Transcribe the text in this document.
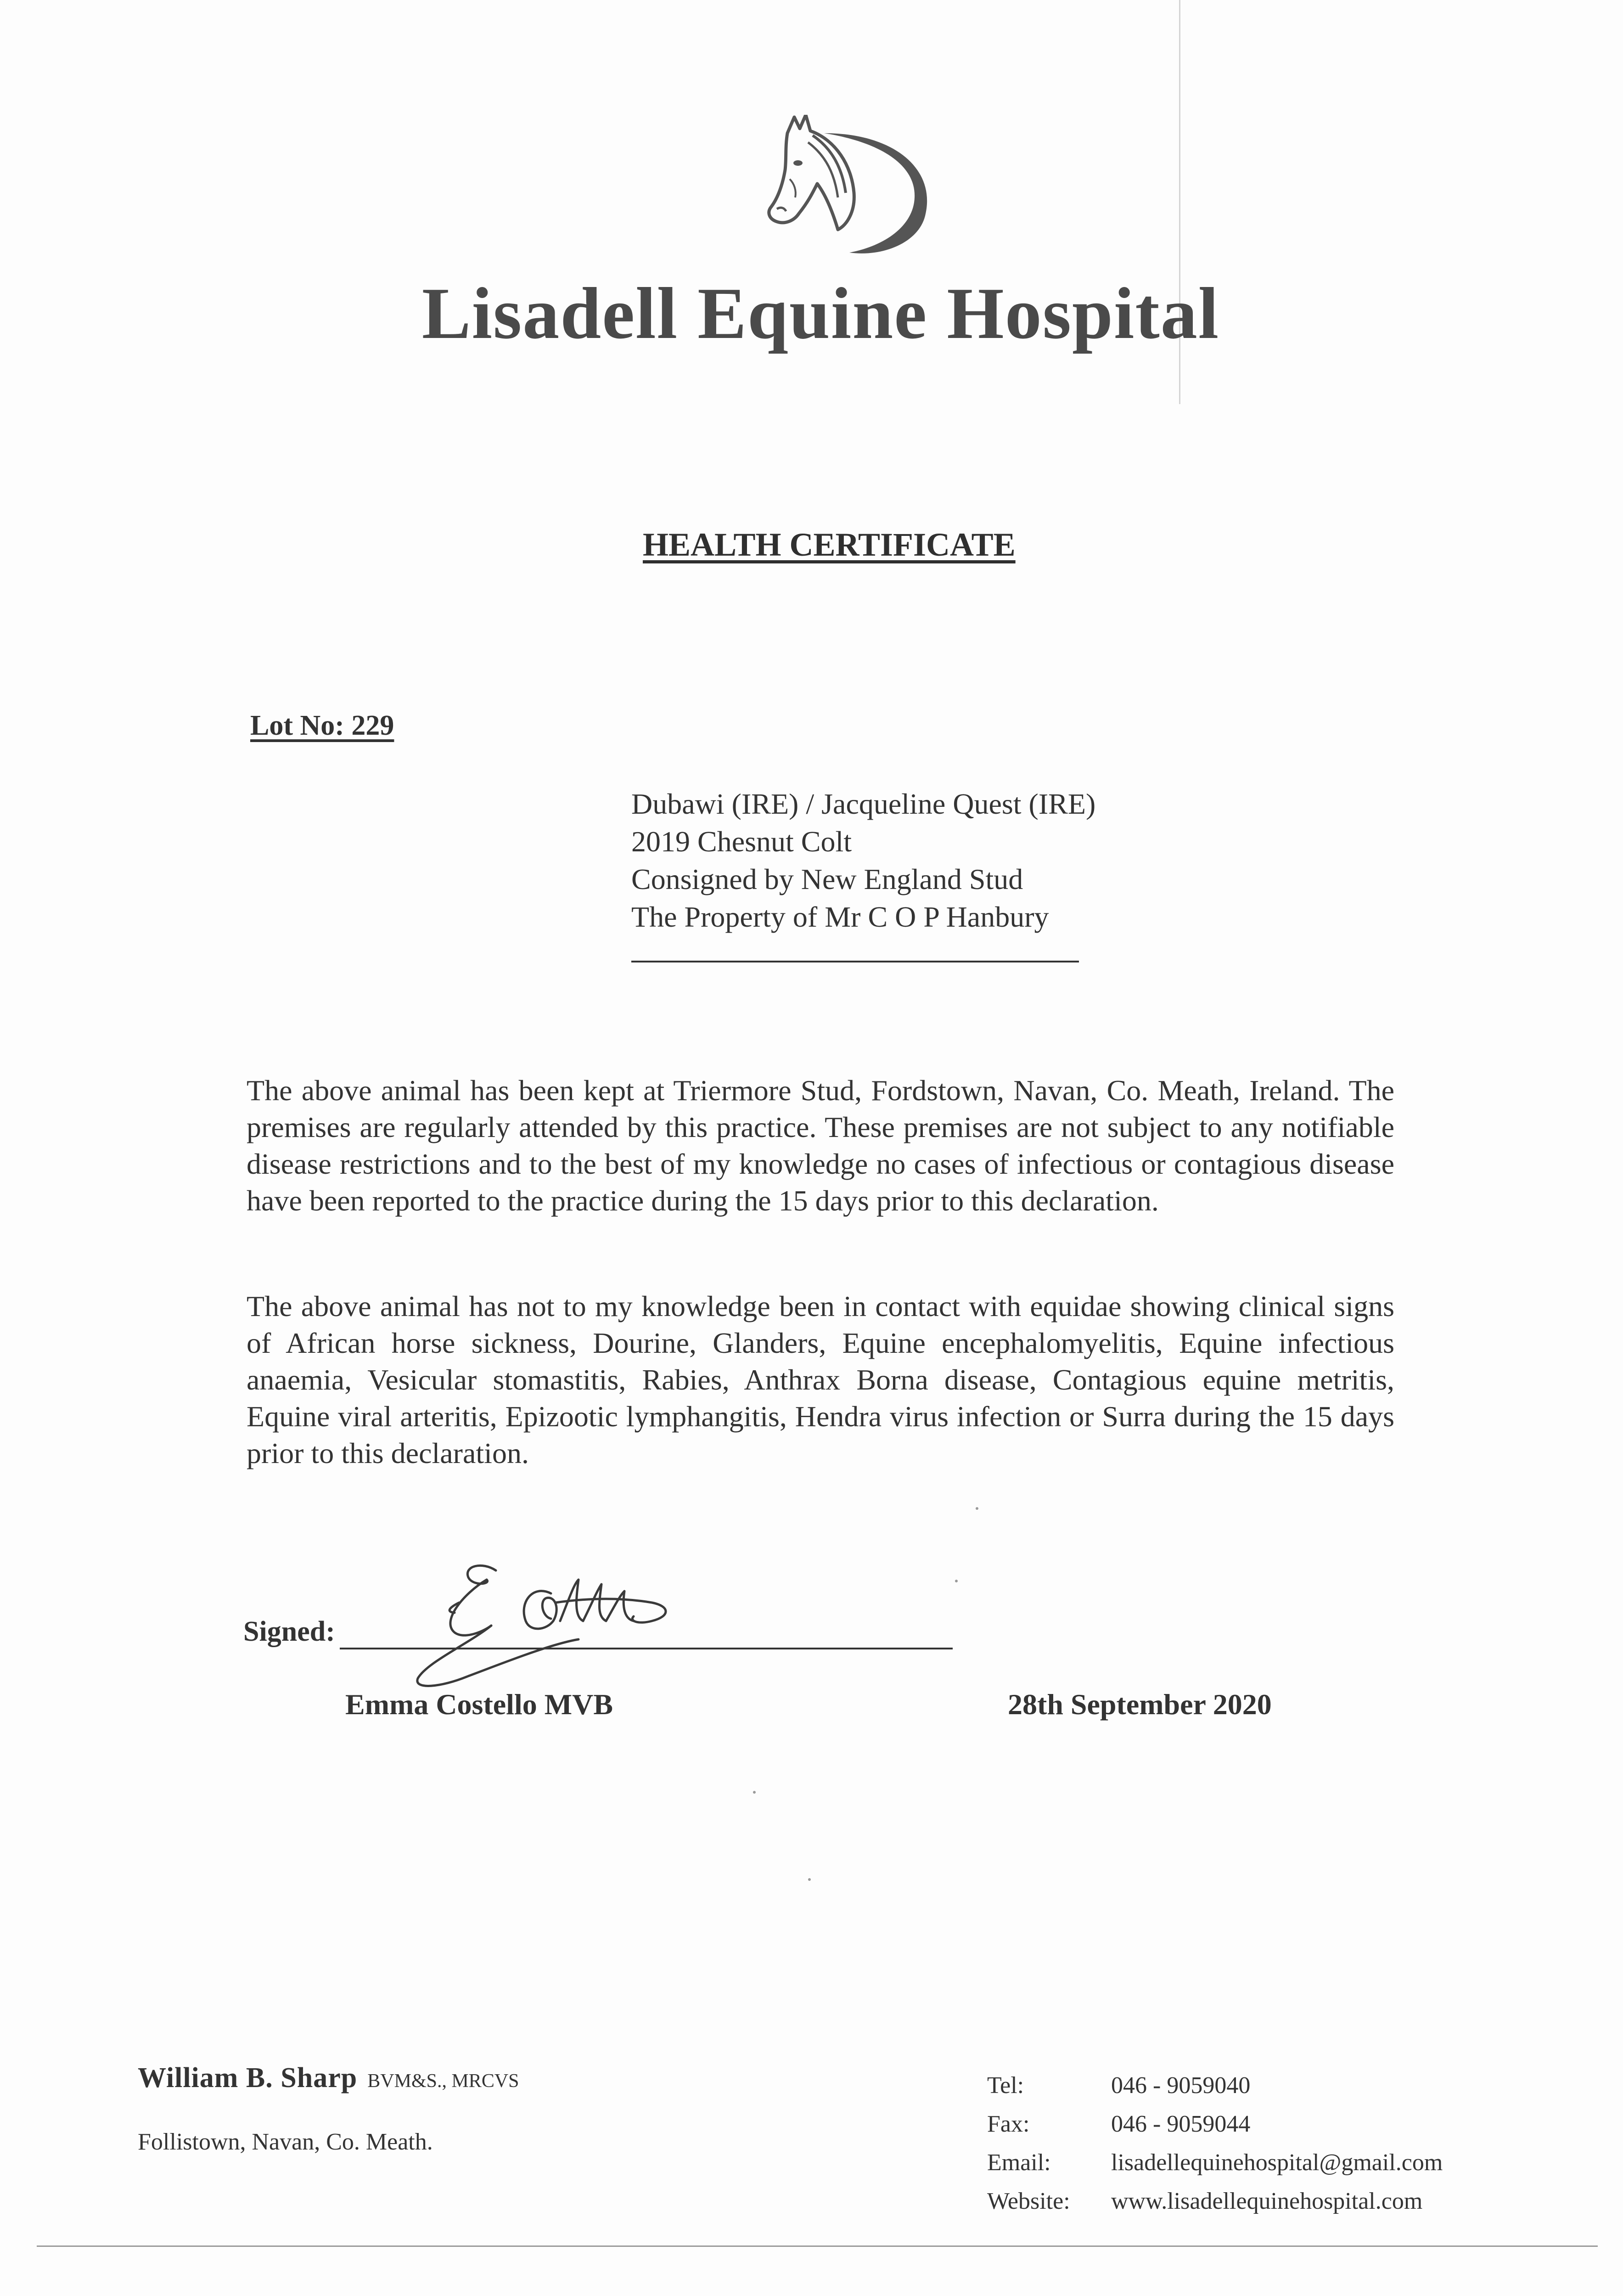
Lisadell Equine Hospital
HEALTH CERTIFICATE
Lot No: 229
Dubawi (IRE) / Jacqueline Quest (IRE)
2019 Chesnut Colt
Consigned by New England Stud
The Property of Mr C O P Hanbury
The above animal has been kept at Triermore Stud, Fordstown, Navan, Co. Meath, Ireland. The premises are regularly attended by this practice. These premises are not subject to any notifiable disease restrictions and to the best of my knowledge no cases of infectious or contagious disease have been reported to the practice during the 15 days prior to this declaration.
The above animal has not to my knowledge been in contact with equidae showing clinical signs of African horse sickness, Dourine, Glanders, Equine encephalomyelitis, Equine infectious anaemia, Vesicular stomastitis, Rabies, Anthrax Borna disease, Contagious equine metritis, Equine viral arteritis, Epizootic lymphangitis, Hendra virus infection or Surra during the 15 days prior to this declaration.
Signed:
Emma Costello MVB	28th September 2020
William B. Sharp BVM&S., MRCVS
Follistown, Navan, Co. Meath.
Tel:	046 - 9059040
Fax:	046 - 9059044
Email:	lisadellequinehospital@gmail.com
Website:	www.lisadellequinehospital.com
